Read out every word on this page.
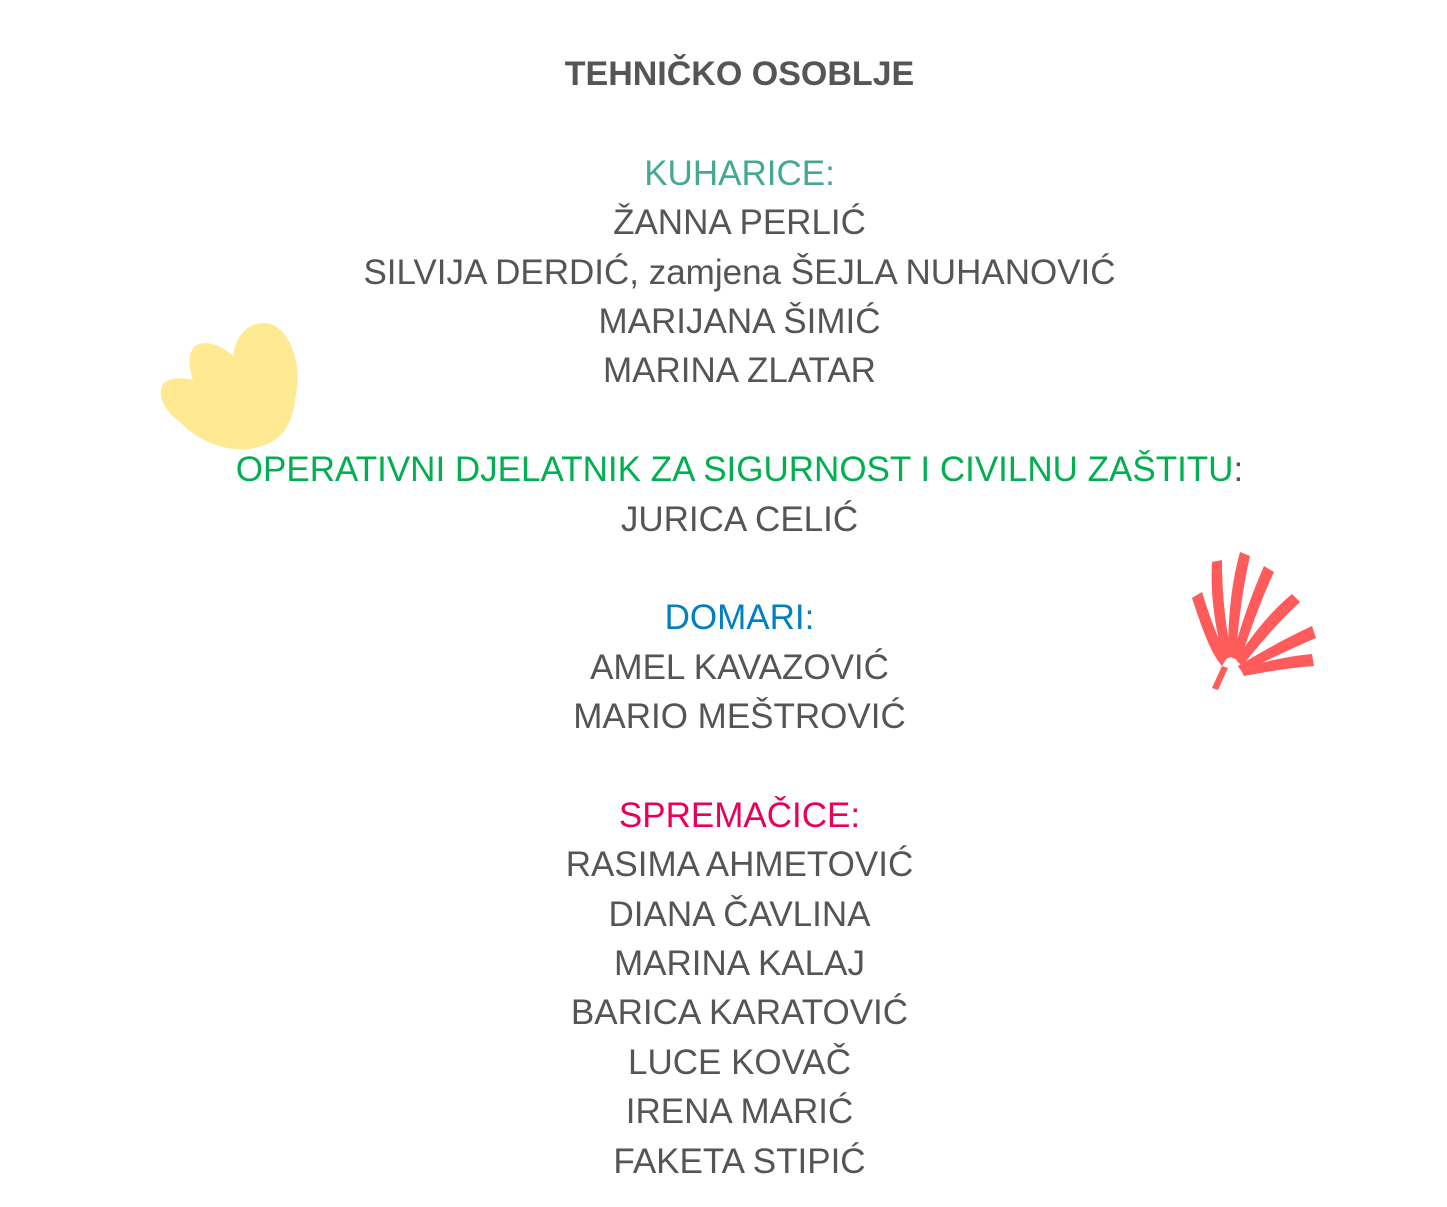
TEHNIČKO OSOBLJE

KUHARICE:

ŽANNA PERLIĆ

SILVIJA DERDIĆ, zamjena ŠEJLA NUHANOVIĆ

MARIJANA ŠIMIĆ

MARINA ZLATAR

OPERATIVNI DJELATNIK ZA SIGURNOST I CIVILNU ZAŠTITU:

JURICA CELIĆ

DOMARI:

AMEL KAVAZOVIĆ

MARIO MEŠTROVIĆ

SPREMAČICE:

RASIMA AHMETOVIĆ

DIANA ČAVLINA

MARINA KALAJ

BARICA KARATOVIĆ

LUCE KOVAČ

IRENA MARIĆ

FAKETA STIPIĆ
